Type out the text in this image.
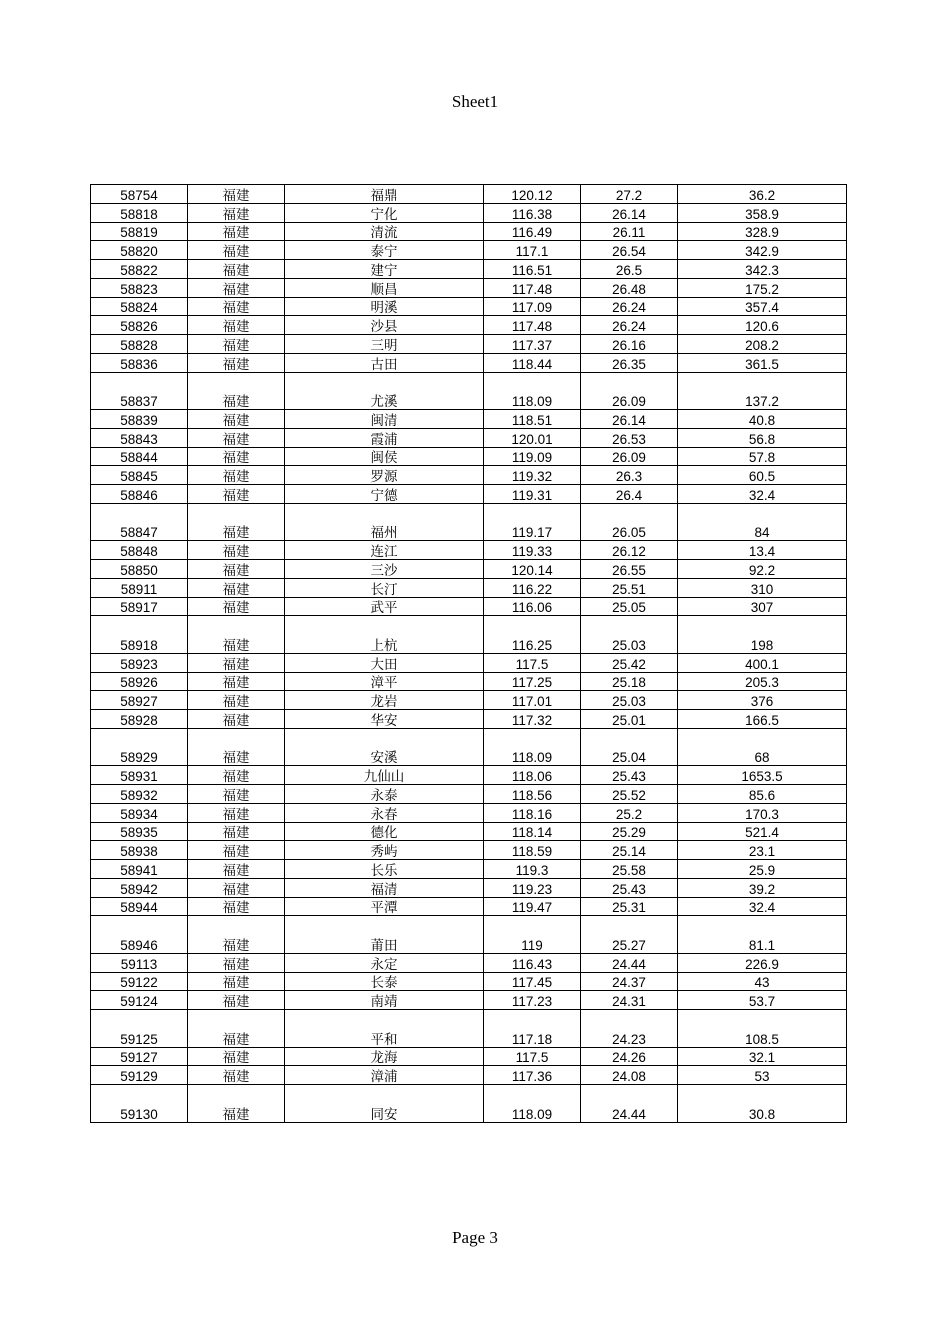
Sheet1
58754	福建	福鼎	120.12	27.2	36.2
58818	福建	宁化	116.38	26.14	358.9
58819	福建	清流	116.49	26.11	328.9
58820	福建	泰宁	117.1	26.54	342.9
58822	福建	建宁	116.51	26.5	342.3
58823	福建	顺昌	117.48	26.48	175.2
58824	福建	明溪	117.09	26.24	357.4
58826	福建	沙县	117.48	26.24	120.6
58828	福建	三明	117.37	26.16	208.2
58836	福建	古田	118.44	26.35	361.5
58837	福建	尤溪	118.09	26.09	137.2
58839	福建	闽清	118.51	26.14	40.8
58843	福建	霞浦	120.01	26.53	56.8
58844	福建	闽侯	119.09	26.09	57.8
58845	福建	罗源	119.32	26.3	60.5
58846	福建	宁德	119.31	26.4	32.4
58847	福建	福州	119.17	26.05	84
58848	福建	连江	119.33	26.12	13.4
58850	福建	三沙	120.14	26.55	92.2
58911	福建	长汀	116.22	25.51	310
58917	福建	武平	116.06	25.05	307
58918	福建	上杭	116.25	25.03	198
58923	福建	大田	117.5	25.42	400.1
58926	福建	漳平	117.25	25.18	205.3
58927	福建	龙岩	117.01	25.03	376
58928	福建	华安	117.32	25.01	166.5
58929	福建	安溪	118.09	25.04	68
58931	福建	九仙山	118.06	25.43	1653.5
58932	福建	永泰	118.56	25.52	85.6
58934	福建	永春	118.16	25.2	170.3
58935	福建	德化	118.14	25.29	521.4
58938	福建	秀屿	118.59	25.14	23.1
58941	福建	长乐	119.3	25.58	25.9
58942	福建	福清	119.23	25.43	39.2
58944	福建	平潭	119.47	25.31	32.4
58946	福建	莆田	119	25.27	81.1
59113	福建	永定	116.43	24.44	226.9
59122	福建	长泰	117.45	24.37	43
59124	福建	南靖	117.23	24.31	53.7
59125	福建	平和	117.18	24.23	108.5
59127	福建	龙海	117.5	24.26	32.1
59129	福建	漳浦	117.36	24.08	53
59130	福建	同安	118.09	24.44	30.8
Page 3
